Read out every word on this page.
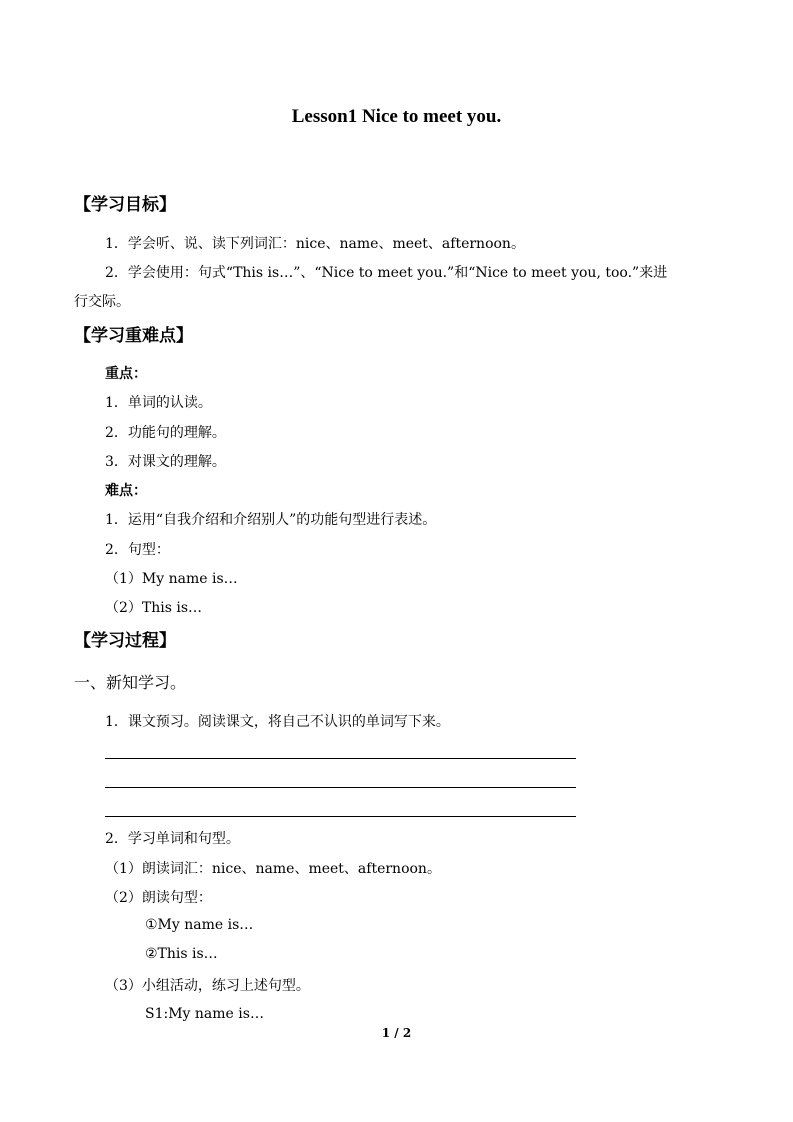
Lesson1 Nice to meet you.
【学习目标】
1．学会听、说、读下列词汇：nice、name、meet、afternoon。
2．学会使用：句式“This is…”、“Nice to meet you.”和“Nice to meet you, too.”来进
行交际。
【学习重难点】
重点：
1．单词的认读。
2．功能句的理解。
3．对课文的理解。
难点：
1．运用“自我介绍和介绍别人”的功能句型进行表述。
2．句型：
（1）My name is…
（2）This is…
【学习过程】
一、新知学习。
1．课文预习。阅读课文，将自己不认识的单词写下来。
2．学习单词和句型。
（1）朗读词汇：nice、name、meet、afternoon。
（2）朗读句型：
①My name is…
②This is…
（3）小组活动，练习上述句型。
S1:My name is…
1 / 2
